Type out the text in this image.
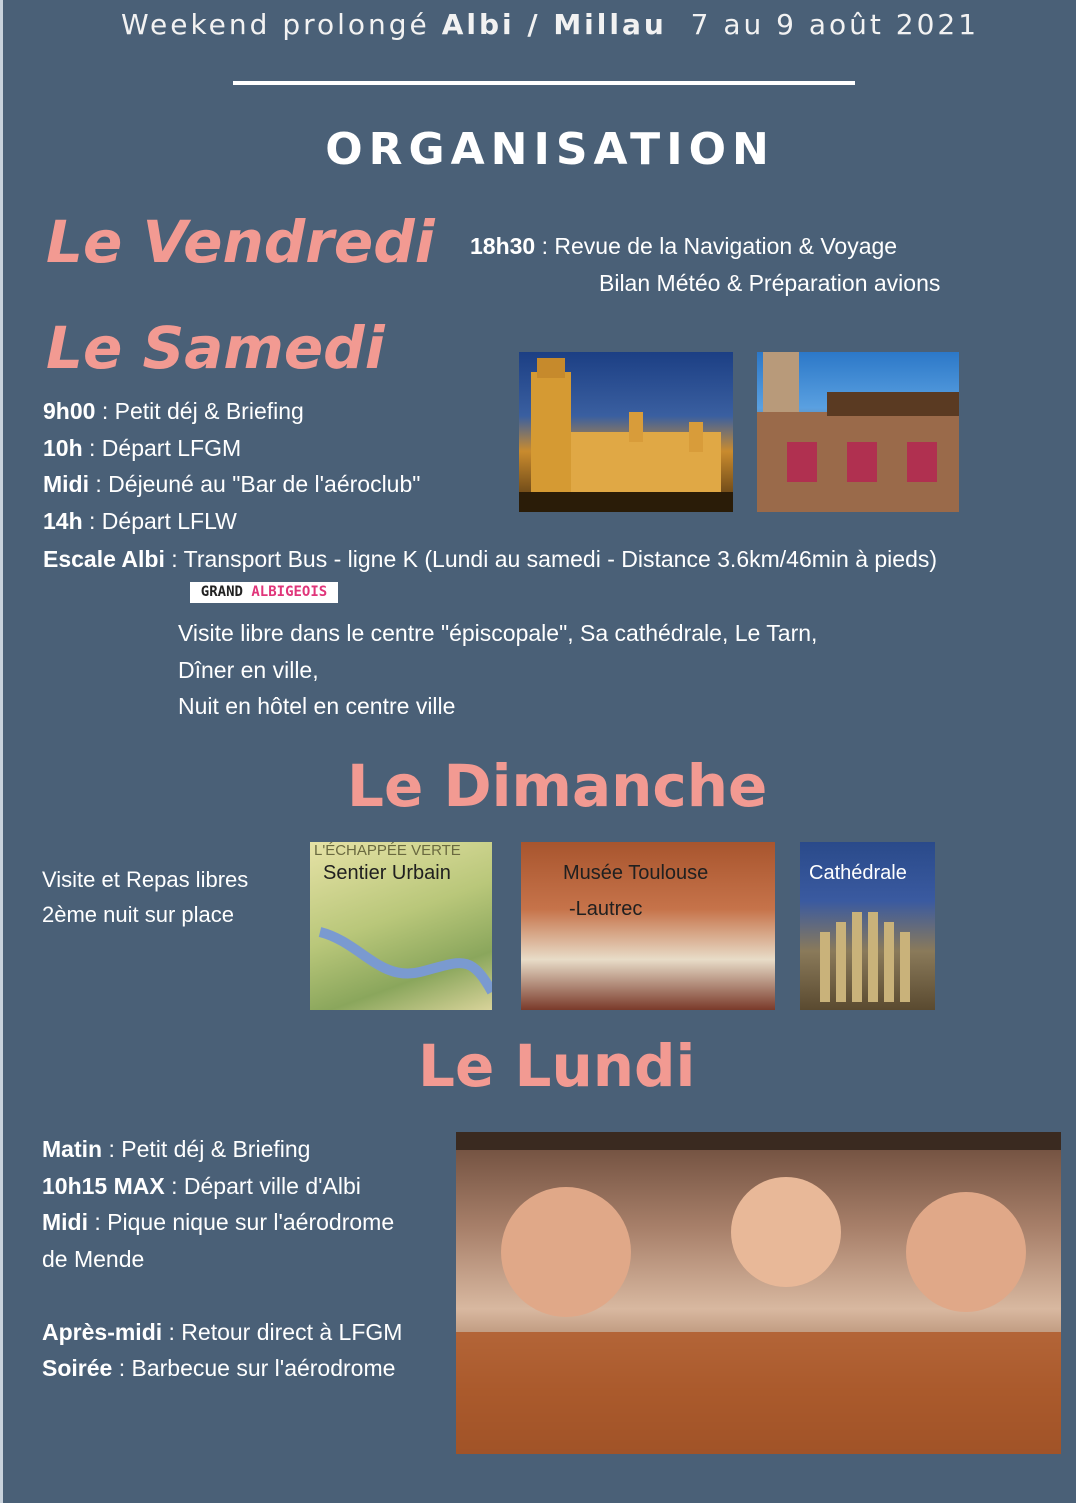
Weekend prolongé Albi / Millau 7 au 9 août 2021
ORGANISATION
Le Vendredi 18h30 : Revue de la Navigation & Voyage
Bilan Météo & Préparation avions
Le Samedi
9h00 : Petit déj & Briefing
10h : Départ LFGM
Midi : Déjeuné au "Bar de l'aéroclub"
14h : Départ LFLW
Escale Albi : Transport Bus - ligne K (Lundi au samedi - Distance 3.6km/46min à pieds)
GRAND ALBIGEOIS
Visite libre dans le centre "épiscopale", Sa cathédrale, Le Tarn,
Dîner en ville,
Nuit en hôtel en centre ville
Le Dimanche
Visite et Repas libres
2ème nuit sur place
L'ÉCHAPPÉE VERTE
Sentier Urbain	Musée Toulouse
-Lautrec
Cathédrale
Le Lundi
Matin : Petit déj & Briefing
10h15 MAX : Départ ville d'Albi
Midi : Pique nique sur l'aérodrome
de Mende
Après-midi : Retour direct à LFGM
Soirée : Barbecue sur l'aérodrome
